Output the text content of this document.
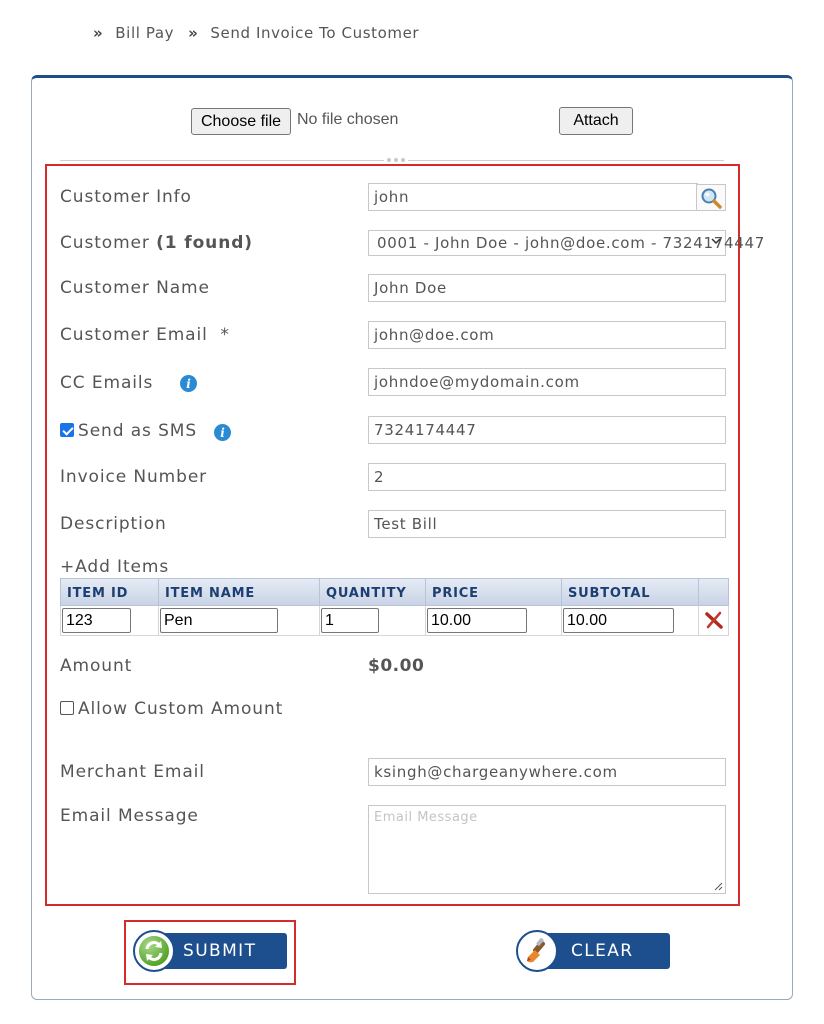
» Bill Pay » Send Invoice To Customer
Choose file No file chosen	Attach
Customer Info	john
Customer (1 found)	0001 - John Doe - john@doe.com - 7324174447
Customer Name	John Doe
Customer Email  *	john@doe.com
CC Emails	i	johndoe@mydomain.com
Send as SMS	i	7324174447
Invoice Number	2
Description	Test Bill
+Add Items
ITEM ID	ITEM NAME	QUANTITY	PRICE	SUBTOTAL
123	Pen	1	10.00	10.00
Amount	$0.00
Allow Custom Amount
Merchant Email	ksingh@chargeanywhere.com
Email Message	Email Message
SUBMIT	CLEAR
